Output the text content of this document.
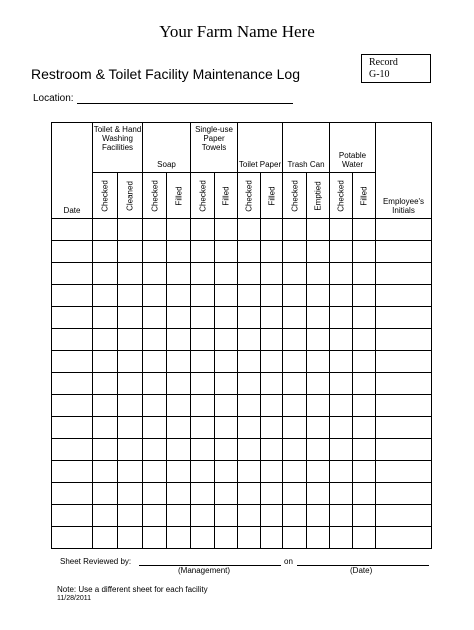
Your Farm Name Here
Record
G-10
Restroom & Toilet Facility Maintenance Log
Location:
Date	Toilet & Hand Washing Facilities		Soap		Single-use Paper Towels		Toilet Paper		Trash Can		Potable Water		Employee's Initials

	Checked	Cleaned	Checked	Filled	Checked	Filled	Checked	Filled	Checked	Emptied	Checked	Filled	

Sheet Reviewed by:
(Management)
on
(Date)
Note: Use a different sheet for each facility
11/28/2011
